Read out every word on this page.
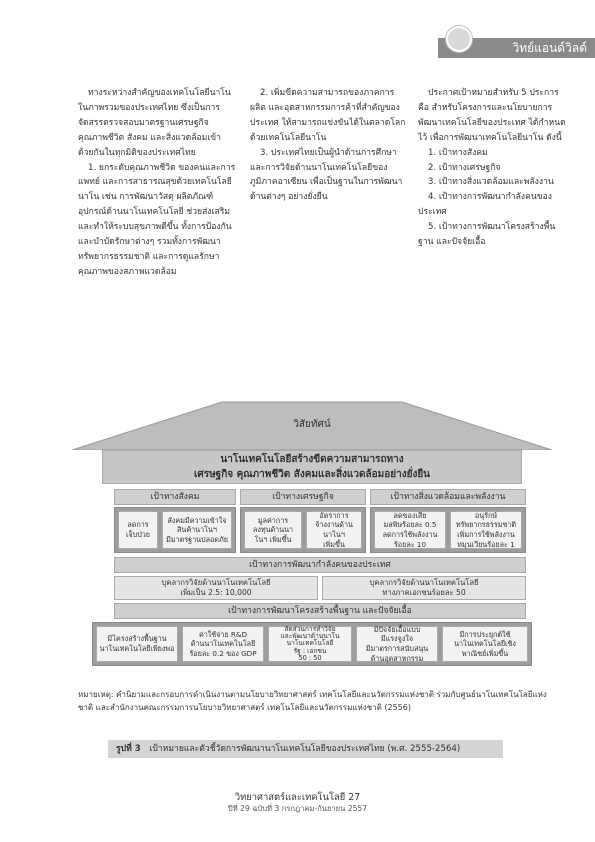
วิทย์แอนด์วิลด์

ทางระหว่างสำคัญของเทคโนโลยีนาโนในภาพรวมของประเทศไทย ซึ่งเป็นการจัดสรรตรวจสอบมาตรฐานเศรษฐกิจ คุณภาพชีวิต สังคม และสิ่งแวดล้อมเข้าด้วยกันในทุกมิติของประเทศไทย

1. ยกระดับคุณภาพชีวิต ของคนและการแพทย์ และการสาธารณสุขด้วยเทคโนโลยีนาโน เช่น การพัฒนาวัสดุ ผลิตภัณฑ์อุปกรณ์ด้านนาโนเทคโนโลยี ช่วยส่งเสริมและทำให้ระบบสุขภาพดีขึ้น ทั้งการป้องกันและบำบัดรักษาต่างๆ รวมทั้งการพัฒนาทรัพยากรธรรมชาติ และการดูแลรักษาคุณภาพของสภาพแวดล้อม

2. เพิ่มขีดความสามารถของภาคการผลิต และอุตสาหกรรมการค้าที่สำคัญของประเทศ ให้สามารถแข่งขันได้ในตลาดโลก ด้วยเทคโนโลยีนาโน

3. ประเทศไทยเป็นผู้นำด้านการศึกษาและการวิจัยด้านนาโนเทคโนโลยีของภูมิภาคอาเซียน เพื่อเป็นฐานในการพัฒนาด้านต่างๆ อย่างยั่งยืน

ประกาศเป้าหมายสำหรับ 5 ประการ คือ สำหรับโครงการและนโยบายการพัฒนาเทคโนโลยีของประเทศ ได้กำหนดไว้ เพื่อการพัฒนาเทคโนโลยีนาโน ดังนี้

1. เป้าทางสังคม

2. เป้าทางเศรษฐกิจ

3. เป้าทางสิ่งแวดล้อมและพลังงาน

4. เป้าทางการพัฒนากำลังคนของประเทศ

5. เป้าทางการพัฒนาโครงสร้างพื้นฐาน และปัจจัยเอื้อ

วิสัยทัศน์
นาโนเทคโนโลยีสร้างขีดความสามารถทาง
เศรษฐกิจ คุณภาพชีวิต สังคมและสิ่งแวดล้อมอย่างยั่งยืน
เป้าทางสังคม	เป้าทางเศรษฐกิจ	เป้าทางสิ่งแวดล้อมและพลังงาน
ลดการ
เจ็บป่วย
สังคมมีความเข้าใจ
สินค้านาโนฯ
มีมาตรฐานปลอดภัย
มูลค่าการ
ลงทุนด้านนา
โนฯ เพิ่มขึ้น
อัตราการ
จ้างงานด้าน
นาโนฯ
เพิ่มขึ้น
ลดของเสีย
มลพิษร้อยละ 0.5
ลดการใช้พลังงาน
ร้อยละ 10
อนุรักษ์
ทรัพยากรธรรมชาติ
เพิ่มการใช้พลังงาน
หมุนเวียนร้อยละ 1
เป้าทางการพัฒนากำลังคนของประเทศ
บุคลากรวิจัยด้านนาโนเทคโนโลยี
เพิ่มเป็น 2.5: 10,000
บุคลากรวิจัยด้านนาโนเทคโนโลยี
ทางภาคเอกชนร้อยละ 50
เป้าทางการพัฒนาโครงสร้างพื้นฐาน และปัจจัยเอื้อ
มีโครงสร้างพื้นฐาน
นาโนเทคโนโลยีเพียงพอ
ค่าใช้จ่าย R&D
ด้านนาโนเทคโนโลยี
ร้อยละ 0.2 ของ GDP
สัดส่วนการทำวิจัย
และพัฒนาด้านนาโน
นาโนเทคโนโลยี
รัฐ : เอกชน
50 : 50
มีปัจจัยเอื้อแบบ
มีแรงจูงใจ
มีมาตรการสนับสนุน
ด้านอุตสาหกรรม
มีการประยุกต์ใช้
นาโนเทคโนโลยีเชิง
พาณิชย์เพิ่มขึ้น
หมายเหตุ: คำนิยามและกรอบการดำเนินงานตามนโยบายวิทยาศาสตร์ เทคโนโลยีและนวัตกรรมแห่งชาติ ร่วมกับศูนย์นาโนเทคโนโลยีแห่งชาติ และสำนักงานคณะกรรมการนโยบายวิทยาศาสตร์ เทคโนโลยีและนวัตกรรมแห่งชาติ (2556)
รูปที่ 3 เป้าหมายและตัวชี้วัดการพัฒนานาโนเทคโนโลยีของประเทศไทย (พ.ศ. 2555-2564)
วิทยาศาสตร์และเทคโนโลยี 27
ปีที่ 29 ฉบับที่ 3 กรกฎาคม-กันยายน 2557
